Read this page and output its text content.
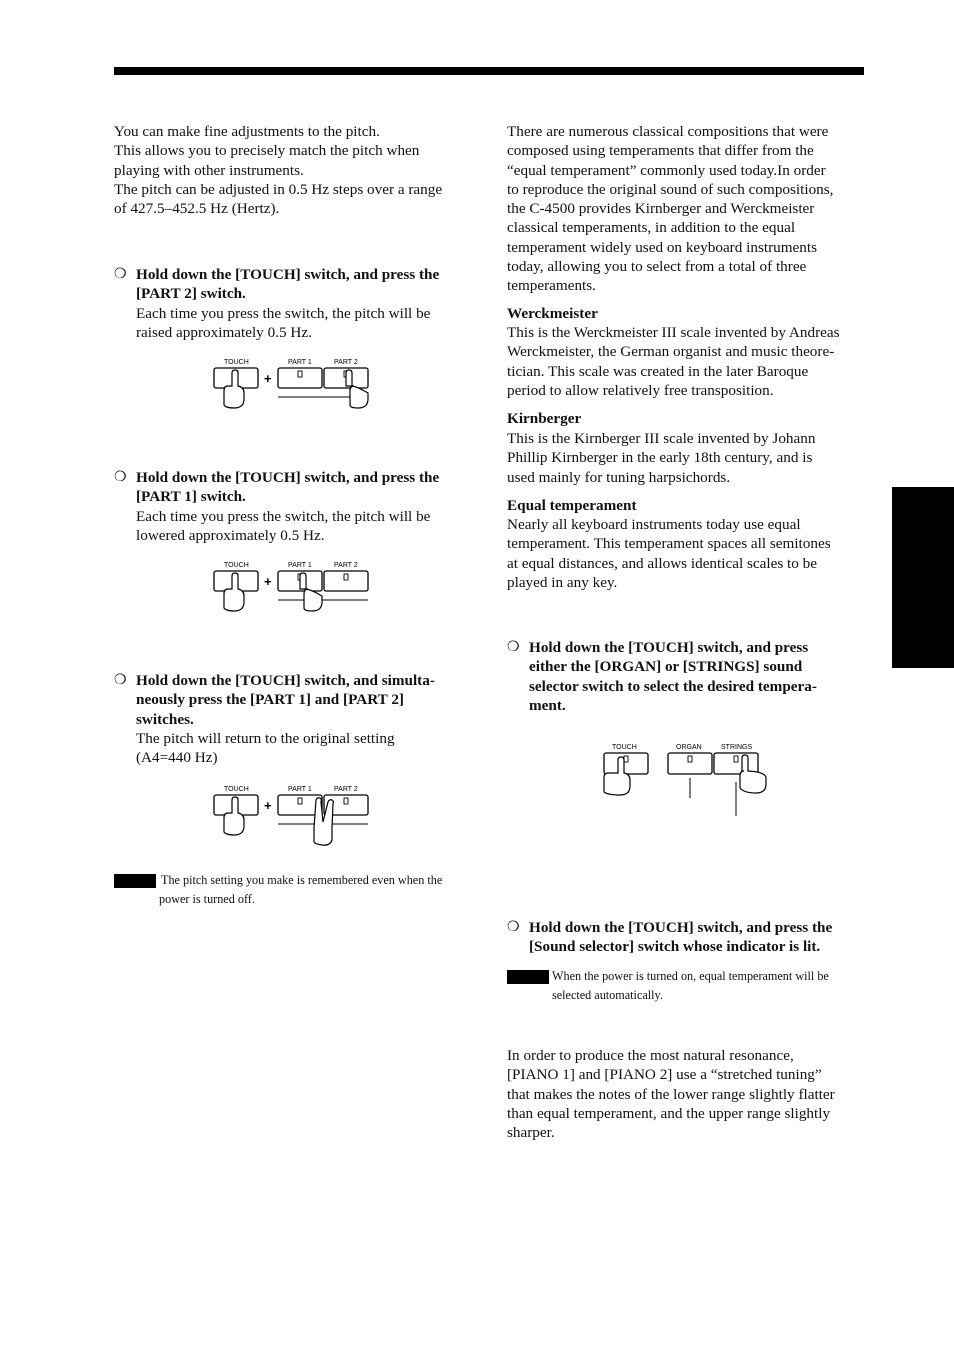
You can make fine adjustments to the pitch.
This allows you to precisely match the pitch when
playing with other instruments.
The pitch can be adjusted in 0.5 Hz steps over a range
of 427.5–452.5 Hz (Hertz).
❍ Hold down the [TOUCH] switch, and press the
[PART 2] switch.
Each time you press the switch, the pitch will be
raised approximately 0.5 Hz.
TOUCH	PART 1	PART 2
+
❍ Hold down the [TOUCH] switch, and press the
[PART 1] switch.
Each time you press the switch, the pitch will be
lowered approximately 0.5 Hz.
TOUCH	PART 1	PART 2
+
❍ Hold down the [TOUCH] switch, and simulta-
neously press the [PART 1] and [PART 2]
switches.
The pitch will return to the original setting
(A4=440 Hz)
TOUCH	PART 1	PART 2
+
The pitch setting you make is remembered even when the
power is turned off.
There are numerous classical compositions that were
composed using temperaments that differ from the
“equal temperament” commonly used today.In order
to reproduce the original sound of such compositions,
the C-4500 provides Kirnberger and Werckmeister
classical temperaments, in addition to the equal
temperament widely used on keyboard instruments
today, allowing you to select from a total of three
temperaments.
Werckmeister
This is the Werckmeister III scale invented by Andreas
Werckmeister, the German organist and music theore-
tician. This scale was created in the later Baroque
period to allow relatively free transposition.
Kirnberger
This is the Kirnberger III scale invented by Johann
Phillip Kirnberger in the early 18th century, and is
used mainly for tuning harpsichords.
Equal temperament
Nearly all keyboard instruments today use equal
temperament. This temperament spaces all semitones
at equal distances, and allows identical scales to be
played in any key.
❍ Hold down the [TOUCH] switch, and press
either the [ORGAN] or [STRINGS] sound
selector switch to select the desired tempera-
ment.
TOUCH	ORGAN	STRINGS
❍ Hold down the [TOUCH] switch, and press the
[Sound selector] switch whose indicator is lit.
When the power is turned on, equal temperament will be
selected automatically.
In order to produce the most natural resonance,
[PIANO 1] and [PIANO 2] use a “stretched tuning”
that makes the notes of the lower range slightly flatter
than equal temperament, and the upper range slightly
sharper.
